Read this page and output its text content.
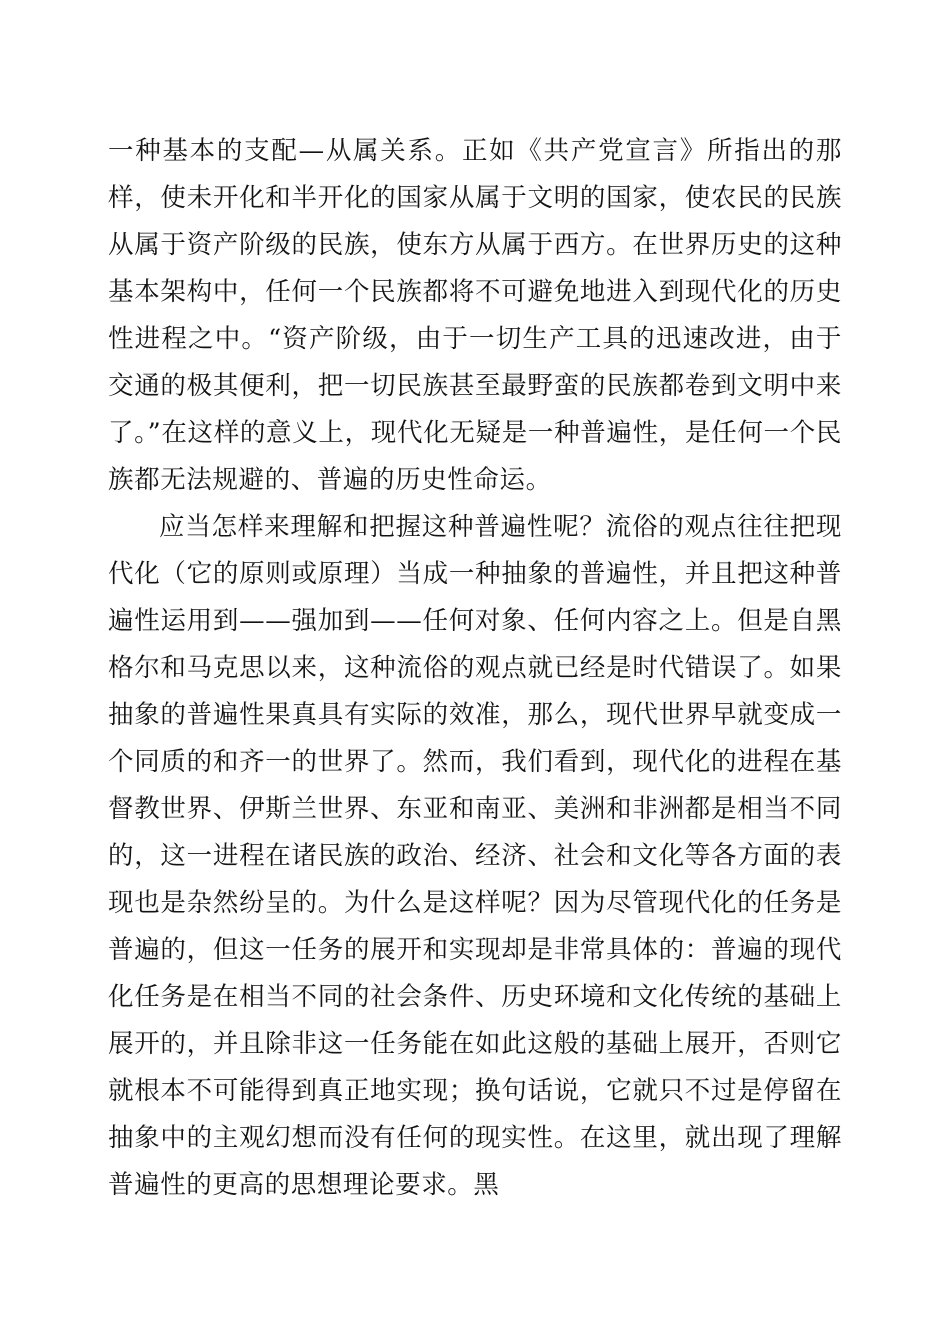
一种基本的支配—从属关系。正如《共产党宣言》所指出的那样，使未开化和半开化的国家从属于文明的国家，使农民的民族从属于资产阶级的民族，使东方从属于西方。在世界历史的这种基本架构中，任何一个民族都将不可避免地进入到现代化的历史性进程之中。“资产阶级，由于一切生产工具的迅速改进，由于交通的极其便利，把一切民族甚至最野蛮的民族都卷到文明中来了。”在这样的意义上，现代化无疑是一种普遍性，是任何一个民族都无法规避的、普遍的历史性命运。

应当怎样来理解和把握这种普遍性呢？流俗的观点往往把现代化（它的原则或原理）当成一种抽象的普遍性，并且把这种普遍性运用到——强加到——任何对象、任何内容之上。但是自黑格尔和马克思以来，这种流俗的观点就已经是时代错误了。如果抽象的普遍性果真具有实际的效准，那么，现代世界早就变成一个同质的和齐一的世界了。然而，我们看到，现代化的进程在基督教世界、伊斯兰世界、东亚和南亚、美洲和非洲都是相当不同的，这一进程在诸民族的政治、经济、社会和文化等各方面的表现也是杂然纷呈的。为什么是这样呢？因为尽管现代化的任务是普遍的，但这一任务的展开和实现却是非常具体的：普遍的现代化任务是在相当不同的社会条件、历史环境和文化传统的基础上展开的，并且除非这一任务能在如此这般的基础上展开，否则它就根本不可能得到真正地实现；换句话说，它就只不过是停留在抽象中的主观幻想而没有任何的现实性。在这里，就出现了理解普遍性的更高的思想理论要求。黑
